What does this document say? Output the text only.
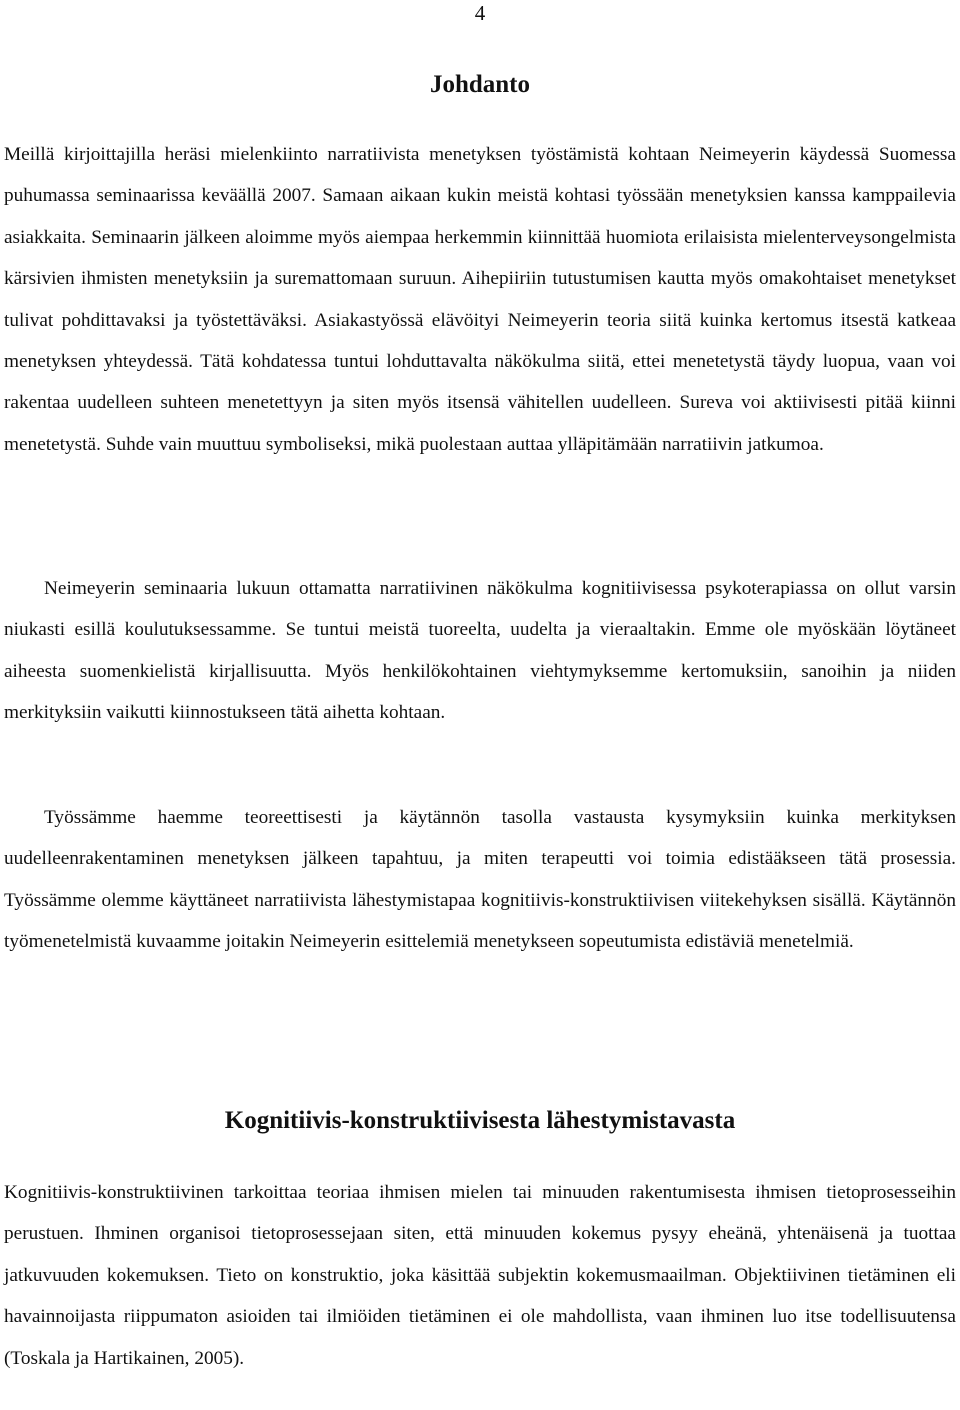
4
Johdanto

Meillä kirjoittajilla heräsi mielenkiinto narratiivista menetyksen työstämistä kohtaan Neimeyerin käydessä Suomessa puhumassa seminaarissa keväällä 2007. Samaan aikaan kukin meistä kohtasi työssään menetyksien kanssa kamppailevia asiakkaita. Seminaarin jälkeen aloimme myös aiempaa herkemmin kiinnittää huomiota erilaisista mielenterveysongelmista kärsivien ihmisten menetyksiin ja suremattomaan suruun. Aihepiiriin tutustumisen kautta myös omakohtaiset menetykset tulivat pohdittavaksi ja työstettäväksi. Asiakastyössä elävöityi Neimeyerin teoria siitä kuinka kertomus itsestä katkeaa menetyksen yhteydessä. Tätä kohdatessa tuntui lohduttavalta näkökulma siitä, ettei menetetystä täydy luopua, vaan voi rakentaa uudelleen suhteen menetettyyn ja siten myös itsensä vähitellen uudelleen. Sureva voi aktiivisesti pitää kiinni menetetystä. Suhde vain muuttuu symboliseksi, mikä puolestaan auttaa ylläpitämään narratiivin jatkumoa.

Neimeyerin seminaaria lukuun ottamatta narratiivinen näkökulma kognitiivisessa psykoterapiassa on ollut varsin niukasti esillä koulutuksessamme. Se tuntui meistä tuoreelta, uudelta ja vieraaltakin. Emme ole myöskään löytäneet aiheesta suomenkielistä kirjallisuutta. Myös henkilökohtainen viehtymyksemme kertomuksiin, sanoihin ja niiden merkityksiin vaikutti kiinnostukseen tätä aihetta kohtaan.

Työssämme haemme teoreettisesti ja käytännön tasolla vastausta kysymyksiin kuinka merkityksen uudelleenrakentaminen menetyksen jälkeen tapahtuu, ja miten terapeutti voi toimia edistääkseen tätä prosessia. Työssämme olemme käyttäneet narratiivista lähestymistapaa kognitiivis-konstruktiivisen viitekehyksen sisällä. Käytännön työmenetelmistä kuvaamme joitakin Neimeyerin esittelemiä menetykseen sopeutumista edistäviä menetelmiä.

Kognitiivis-konstruktiivisesta lähestymistavasta

Kognitiivis-konstruktiivinen tarkoittaa teoriaa ihmisen mielen tai minuuden rakentumisesta ihmisen tietoprosesseihin perustuen. Ihminen organisoi tietoprosessejaan siten, että minuuden kokemus pysyy eheänä, yhtenäisenä ja tuottaa jatkuvuuden kokemuksen. Tieto on konstruktio, joka käsittää subjektin kokemusmaailman. Objektiivinen tietäminen eli havainnoijasta riippumaton asioiden tai ilmiöiden tietäminen ei ole mahdollista, vaan ihminen luo itse todellisuutensa (Toskala ja Hartikainen, 2005).
